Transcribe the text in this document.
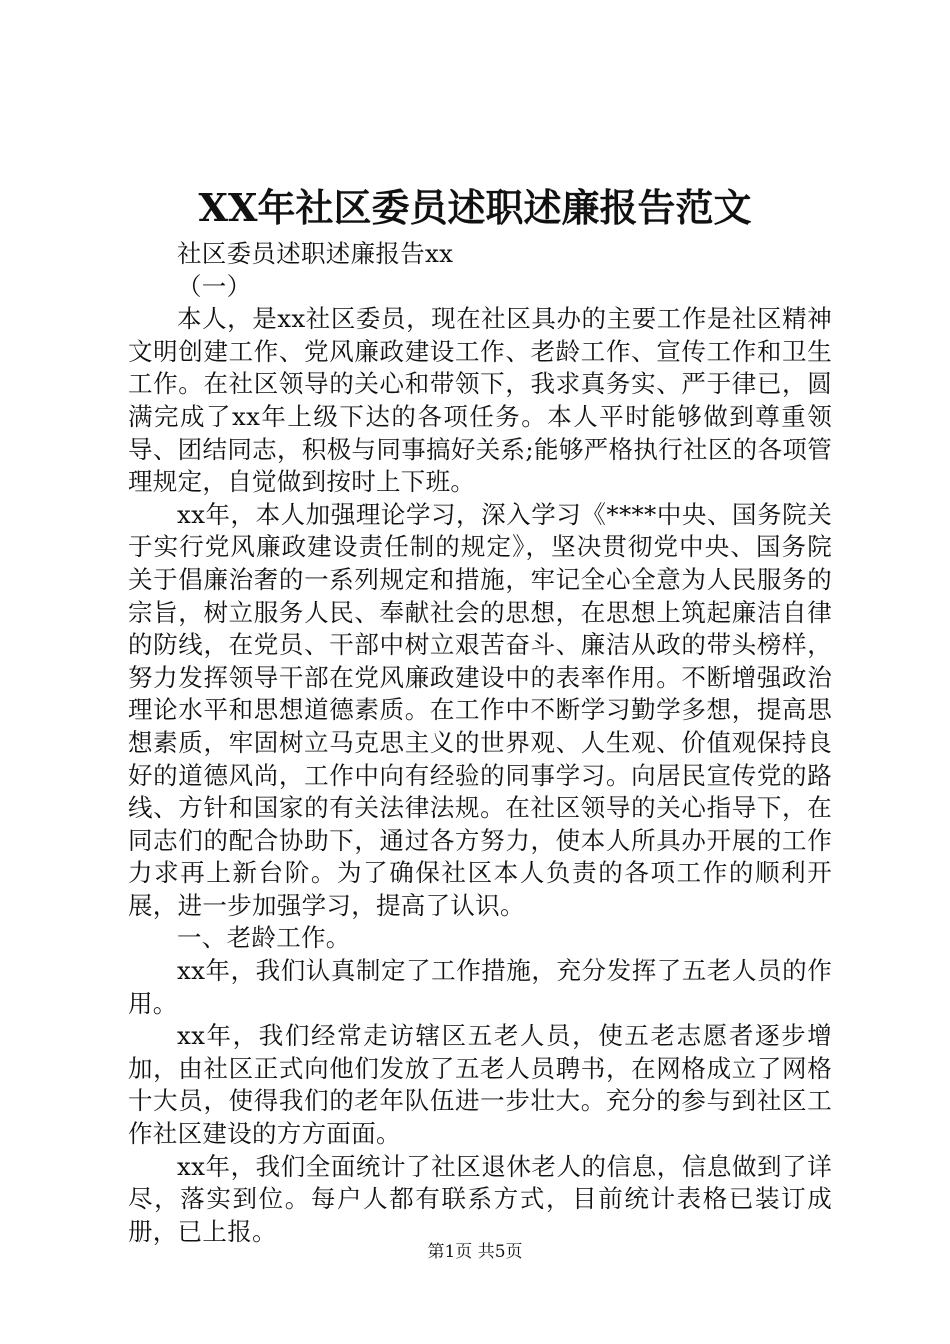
XX年社区委员述职述廉报告范文

社区委员述职述廉报告xx

（一）

本人，是xx社区委员，现在社区具办的主要工作是社区精神文明创建工作、党风廉政建设工作、老龄工作、宣传工作和卫生工作。在社区领导的关心和带领下，我求真务实、严于律已，圆满完成了xx年上级下达的各项任务。本人平时能够做到尊重领导、团结同志，积极与同事搞好关系;能够严格执行社区的各项管理规定，自觉做到按时上下班。

xx年，本人加强理论学习，深入学习《****中央、国务院关于实行党风廉政建设责任制的规定》，坚决贯彻党中央、国务院关于倡廉治奢的一系列规定和措施，牢记全心全意为人民服务的宗旨，树立服务人民、奉献社会的思想，在思想上筑起廉洁自律的防线，在党员、干部中树立艰苦奋斗、廉洁从政的带头榜样，努力发挥领导干部在党风廉政建设中的表率作用。不断增强政治理论水平和思想道德素质。在工作中不断学习勤学多想，提高思想素质，牢固树立马克思主义的世界观、人生观、价值观保持良好的道德风尚，工作中向有经验的同事学习。向居民宣传党的路线、方针和国家的有关法律法规。在社区领导的关心指导下，在同志们的配合协助下，通过各方努力，使本人所具办开展的工作力求再上新台阶。为了确保社区本人负责的各项工作的顺利开展，进一步加强学习，提高了认识。

一、老龄工作。

xx年，我们认真制定了工作措施，充分发挥了五老人员的作用。

xx年，我们经常走访辖区五老人员，使五老志愿者逐步增加，由社区正式向他们发放了五老人员聘书，在网格成立了网格十大员，使得我们的老年队伍进一步壮大。充分的参与到社区工作社区建设的方方面面。

xx年，我们全面统计了社区退休老人的信息，信息做到了详尽，落实到位。每户人都有联系方式，目前统计表格已装订成册，已上报。

第1页 共5页
